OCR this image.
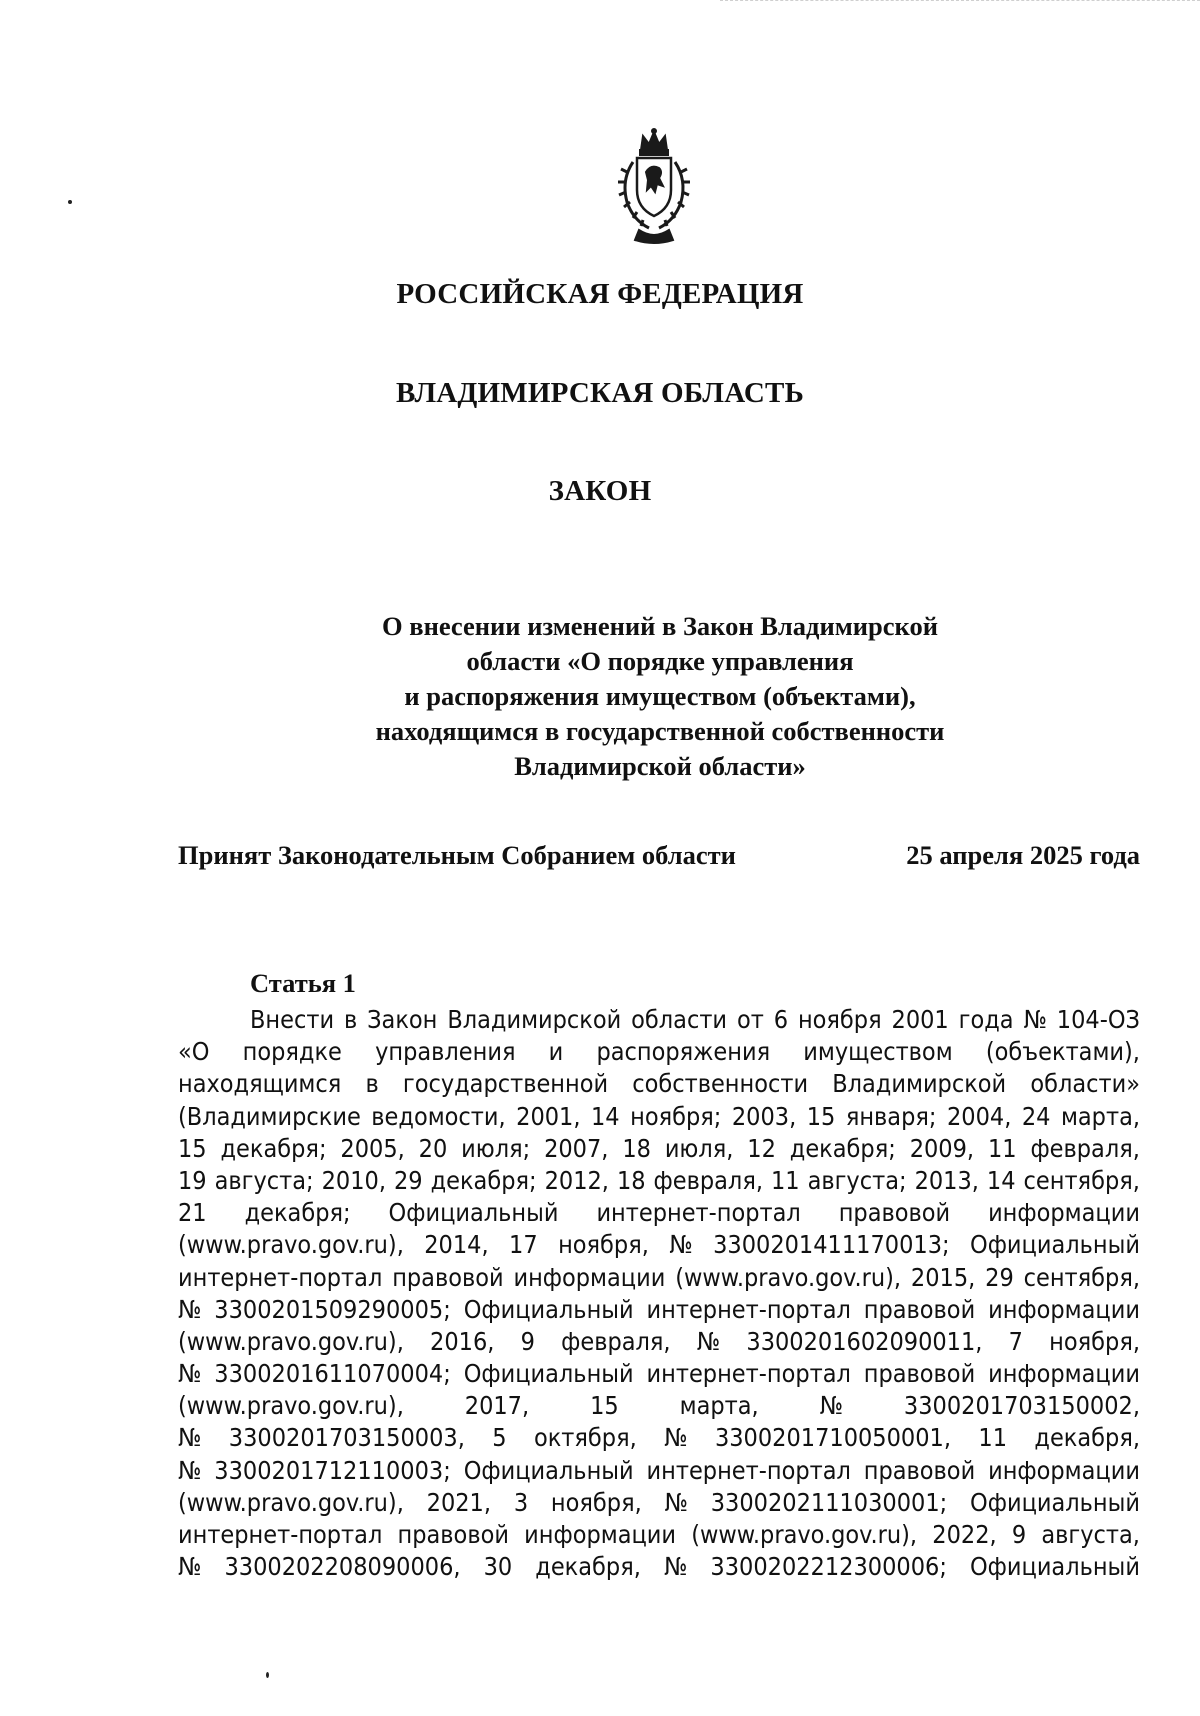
РОССИЙСКАЯ ФЕДЕРАЦИЯ
ВЛАДИМИРСКАЯ ОБЛАСТЬ
ЗАКОН
О внесении изменений в Закон Владимирской
области «О порядке управления
и распоряжения имуществом (объектами),
находящимся в государственной собственности
Владимирской области»
Принят Законодательным Собранием области	25 апреля 2025 года
Статья 1
Внести в Закон Владимирской области от 6 ноября 2001 года № 104-ОЗ
«О порядке управления и распоряжения имуществом (объектами),
находящимся в государственной собственности Владимирской области»
(Владимирские ведомости, 2001, 14 ноября; 2003, 15 января; 2004, 24 марта,
15 декабря; 2005, 20 июля; 2007, 18 июля, 12 декабря; 2009, 11 февраля,
19 августа; 2010, 29 декабря; 2012, 18 февраля, 11 августа; 2013, 14 сентября,
21 декабря; Официальный интернет-портал правовой информации
(www.pravo.gov.ru), 2014, 17 ноября, № 3300201411170013; Официальный
интернет-портал правовой информации (www.pravo.gov.ru), 2015, 29 сентября,
№ 3300201509290005; Официальный интернет-портал правовой информации
(www.pravo.gov.ru), 2016, 9 февраля, № 3300201602090011, 7 ноября,
№ 3300201611070004; Официальный интернет-портал правовой информации
(www.pravo.gov.ru), 2017, 15 марта, № 3300201703150002,
№ 3300201703150003, 5 октября, № 3300201710050001, 11 декабря,
№ 3300201712110003; Официальный интернет-портал правовой информации
(www.pravo.gov.ru), 2021, 3 ноября, № 3300202111030001; Официальный
интернет-портал правовой информации (www.pravo.gov.ru), 2022, 9 августа,
№ 3300202208090006, 30 декабря, № 3300202212300006; Официальный
